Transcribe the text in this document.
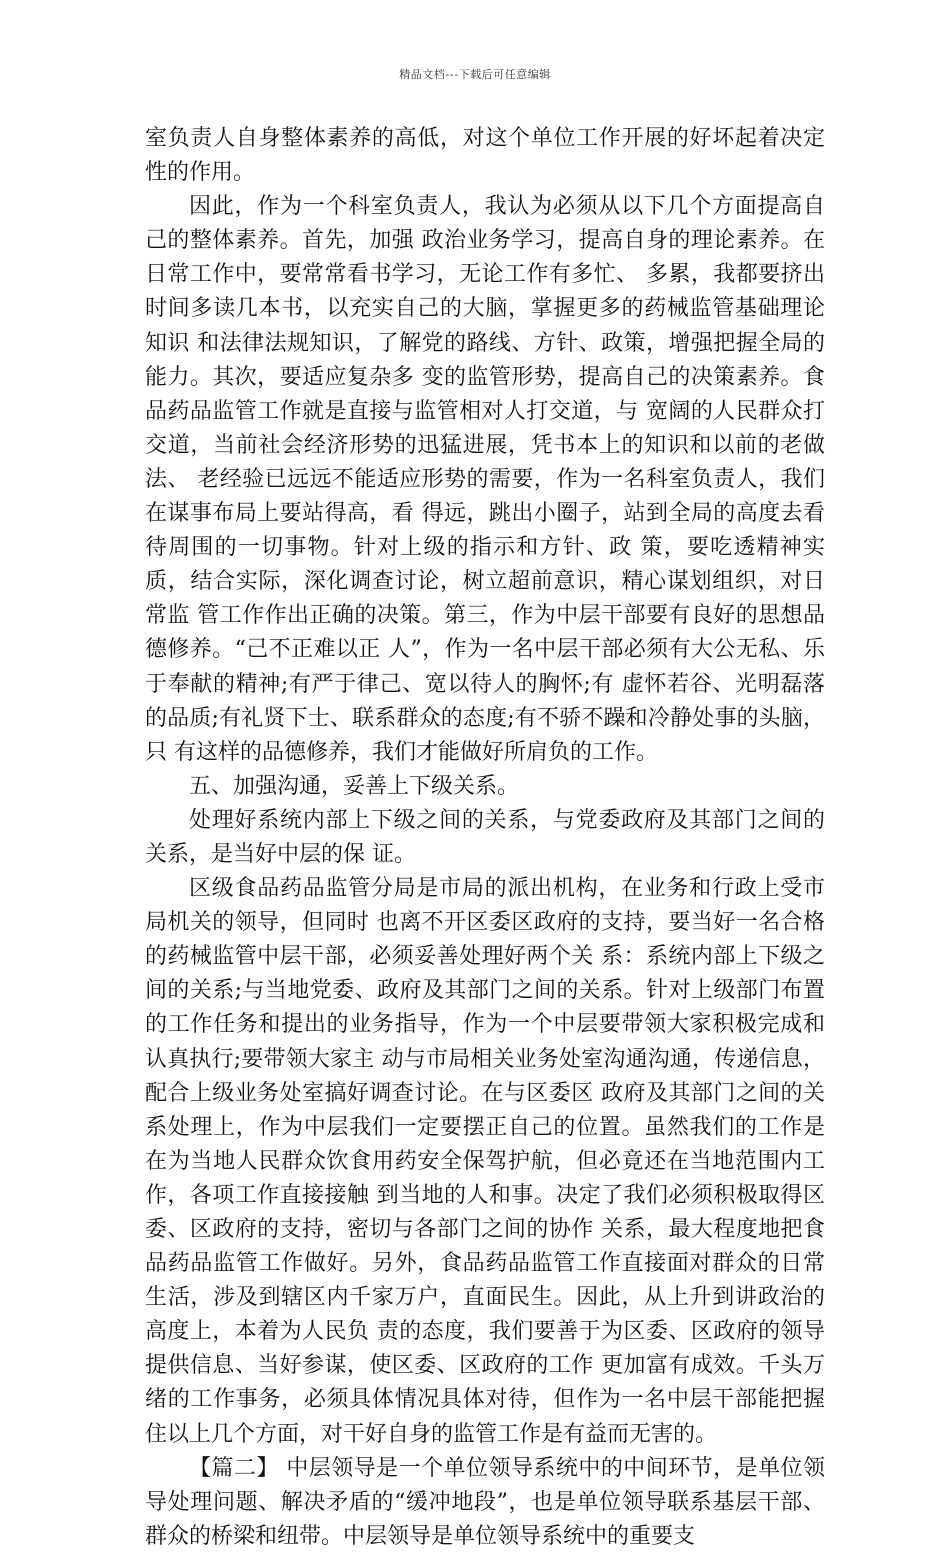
精品文档---下载后可任意编辑

室负责人自身整体素养的高低，对这个单位工作开展的好坏起着决定性的作用。

因此，作为一个科室负责人，我认为必须从以下几个方面提高自己的整体素养。首先，加强 政治业务学习，提高自身的理论素养。在日常工作中，要常常看书学习，无论工作有多忙、 多累，我都要挤出时间多读几本书，以充实自己的大脑，掌握更多的药械监管基础理论知识 和法律法规知识，了解党的路线、方针、政策，增强把握全局的能力。其次，要适应复杂多 变的监管形势，提高自己的决策素养。食品药品监管工作就是直接与监管相对人打交道，与 宽阔的人民群众打交道，当前社会经济形势的迅猛进展，凭书本上的知识和以前的老做法、 老经验已远远不能适应形势的需要，作为一名科室负责人，我们在谋事布局上要站得高，看 得远，跳出小圈子，站到全局的高度去看待周围的一切事物。针对上级的指示和方针、政 策，要吃透精神实质，结合实际，深化调查讨论，树立超前意识，精心谋划组织，对日常监 管工作作出正确的决策。第三，作为中层干部要有良好的思想品德修养。“己不正难以正 人”，作为一名中层干部必须有大公无私、乐于奉献的精神;有严于律己、宽以待人的胸怀;有 虚怀若谷、光明磊落的品质;有礼贤下士、联系群众的态度;有不骄不躁和冷静处事的头脑，只 有这样的品德修养，我们才能做好所肩负的工作。

五、加强沟通，妥善上下级关系。

处理好系统内部上下级之间的关系，与党委政府及其部门之间的关系，是当好中层的保 证。

区级食品药品监管分局是市局的派出机构，在业务和行政上受市局机关的领导，但同时 也离不开区委区政府的支持，要当好一名合格的药械监管中层干部，必须妥善处理好两个关 系：系统内部上下级之间的关系;与当地党委、政府及其部门之间的关系。针对上级部门布置 的工作任务和提出的业务指导，作为一个中层要带领大家积极完成和认真执行;要带领大家主 动与市局相关业务处室沟通沟通，传递信息，配合上级业务处室搞好调查讨论。在与区委区 政府及其部门之间的关系处理上，作为中层我们一定要摆正自己的位置。虽然我们的工作是 在为当地人民群众饮食用药安全保驾护航，但必竟还在当地范围内工作，各项工作直接接触 到当地的人和事。决定了我们必须积极取得区委、区政府的支持，密切与各部门之间的协作 关系，最大程度地把食品药品监管工作做好。另外，食品药品监管工作直接面对群众的日常 生活，涉及到辖区内千家万户，直面民生。因此，从上升到讲政治的高度上，本着为人民负 责的态度，我们要善于为区委、区政府的领导提供信息、当好参谋，使区委、区政府的工作 更加富有成效。千头万绪的工作事务，必须具体情况具体对待，但作为一名中层干部能把握 住以上几个方面，对干好自身的监管工作是有益而无害的。

【篇二】 中层领导是一个单位领导系统中的中间环节，是单位领导处理问题、解决矛盾的“缓冲地段”，也是单位领导联系基层干部、群众的桥梁和纽带。中层领导是单位领导系统中的重要支
